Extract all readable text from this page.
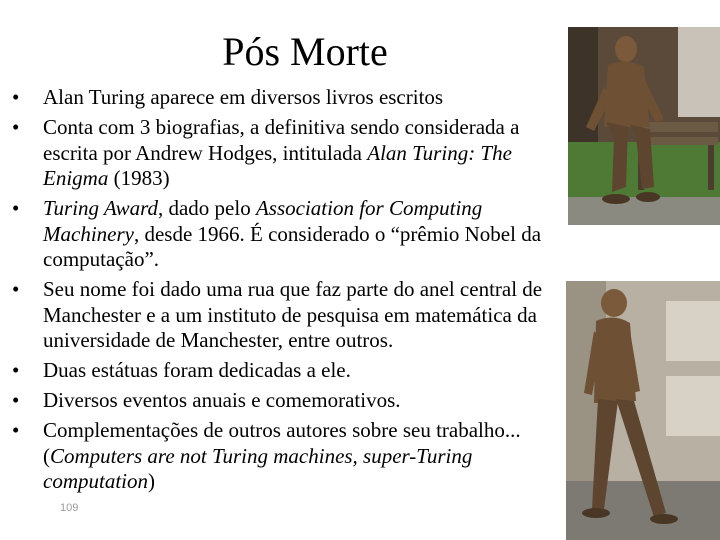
Pós Morte
•	Alan Turing aparece em diversos livros escritos
•	Conta com 3 biografias, a definitiva sendo considerada a escrita por Andrew Hodges, intitulada Alan Turing: The Enigma (1983)
•	Turing Award, dado pelo Association for Computing Machinery, desde 1966. É considerado o “prêmio Nobel da computação”.
•	Seu nome foi dado uma rua que faz parte do anel central de Manchester e a um instituto de pesquisa em matemática da universidade de Manchester, entre outros.
•	Duas estátuas foram dedicadas a ele.
•	Diversos eventos anuais e comemorativos.
•	Complementações de outros autores sobre seu trabalho... (Computers are not Turing machines, super-Turing computation)
109
